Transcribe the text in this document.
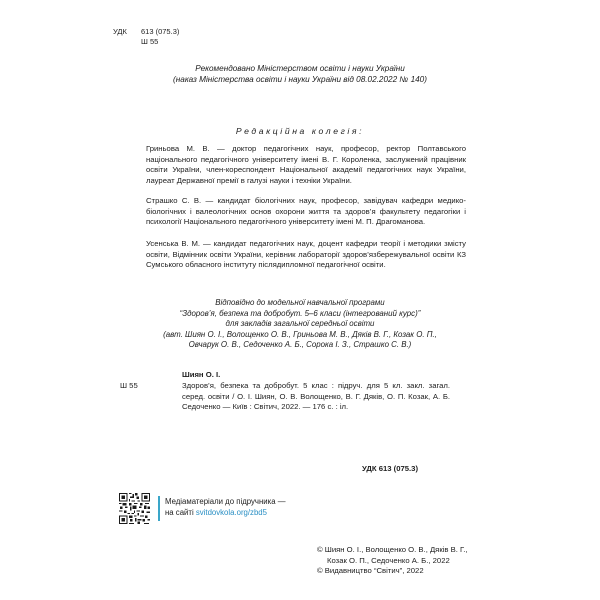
УДК 613 (075.3)
Ш 55
Рекомендовано Міністерством освіти і науки України
(наказ Міністерства освіти і науки України від 08.02.2022 № 140)
Редакційна колегія:
Гриньова М. В. — доктор педагогічних наук, професор, ректор Полтавського національного педагогічного університету імені В. Г. Короленка, заслужений працівник освіти України, член-кореспондент Національної академії педагогічних наук України, лауреат Державної премії в галузі науки і техніки України.
Страшко С. В. — кандидат біологічних наук, професор, завідувач кафедри медико-біологічних і валеологічних основ охорони життя та здоров’я факультету педагогіки і психології Національного педагогічного університету імені М. П. Драгоманова.
Усенська В. М. — кандидат педагогічних наук, доцент кафедри теорії і методики змісту освіти, Відмінник освіти України, керівник лабораторії здоров’язбережувальної освіти КЗ Сумського обласного інституту післядипломної педагогічної освіти.
Відповідно до модельної навчальної програми
“Здоров’я, безпека та добробут. 5–6 класи (інтегрований курс)”
для закладів загальної середньої освіти
(авт. Шиян О. І., Волощенко О. В., Гриньова М. В., Дяків В. Г., Козак О. П.,
Овчарук О. В., Седоченко А. Б., Сорока І. З., Страшко С. В.)
Шиян О. І.
Ш 55	Здоров’я, безпека та добробут. 5 клас : підруч. для 5 кл. закл. загал. серед. освіти / О. І. Шиян, О. В. Волощенко, В. Г. Дяків, О. П. Козак, А. Б. Седоченко — Київ : Світич, 2022. — 176 с. : іл.
УДК 613 (075.3)
Медіаматеріали до підручника —
на сайті svitdovkola.org/zbd5
© Шиян О. І., Волощенко О. В., Дяків В. Г.,
Козак О. П., Седоченко А. Б., 2022
© Видавництво “Світич”, 2022
